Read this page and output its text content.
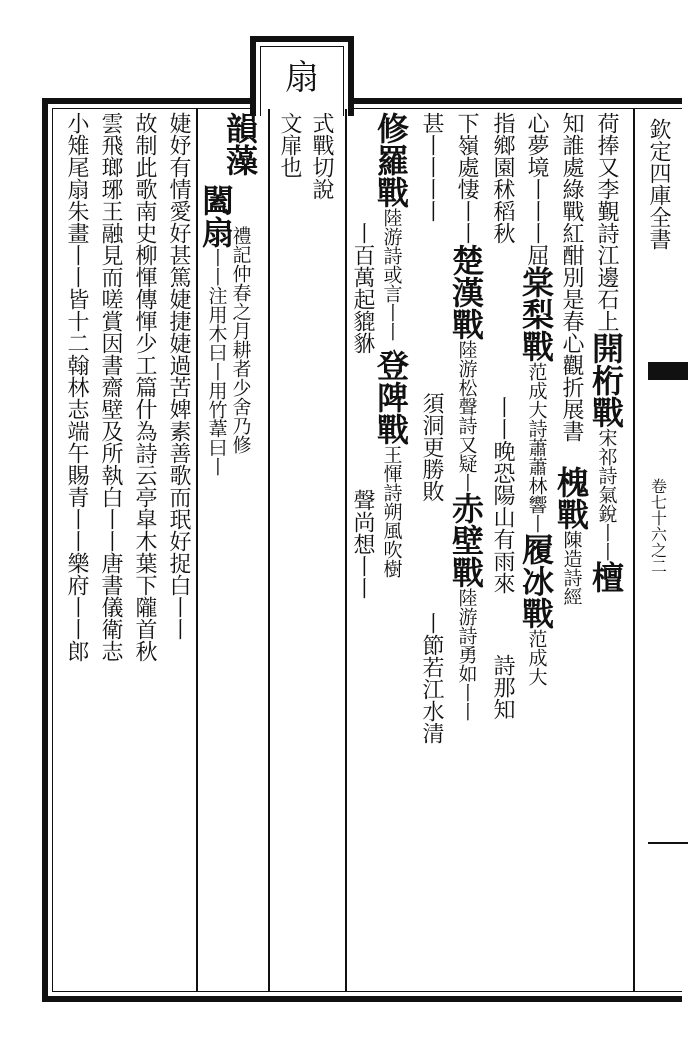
扇
欽定四庫全書
卷七十六之二
荷捧又李覲詩江邊石上
開桁戰
宋祁詩氣銳丨丨
檀
知誰處綠戰紅酣別是春
心觀折展書
槐戰
陳造詩經
心夢境丨丨丨屈
棠梨戰
范成大詩蕭蕭林響丨
履冰戰
范成大
指鄉園秫稻秋
丨丨晚恐陽山有雨來
詩那知
下嶺處悽丨丨
楚漢戰
陸游松聲詩又疑丨
赤壁戰
陸游詩勇如丨丨
甚丨丨丨丨
須洞更勝敗
丨節若江水清
修羅戰
陸游詩或言丨丨
登陴戰
王惲詩朔風吹樹
丨百萬起貔貅
聲尚想丨丨
式戰切說
文扉也
韻藻
禮記仲春之月耕者少舍乃修
闔扇
丨丨注用木曰丨用竹葦曰丨
婕妤有情愛好甚篤婕捷婕過苦婢素善歌而珉好捉白丨丨
故制此歌南史柳惲傳惲少工篇什為詩云亭皐木葉下隴首秋
雲飛瑯琊王融見而嗟賞因書齋壁及所執白丨丨唐書儀衛志
小雉尾扇朱畫丨丨皆十二翰林志端午賜青丨丨樂府丨丨郎
